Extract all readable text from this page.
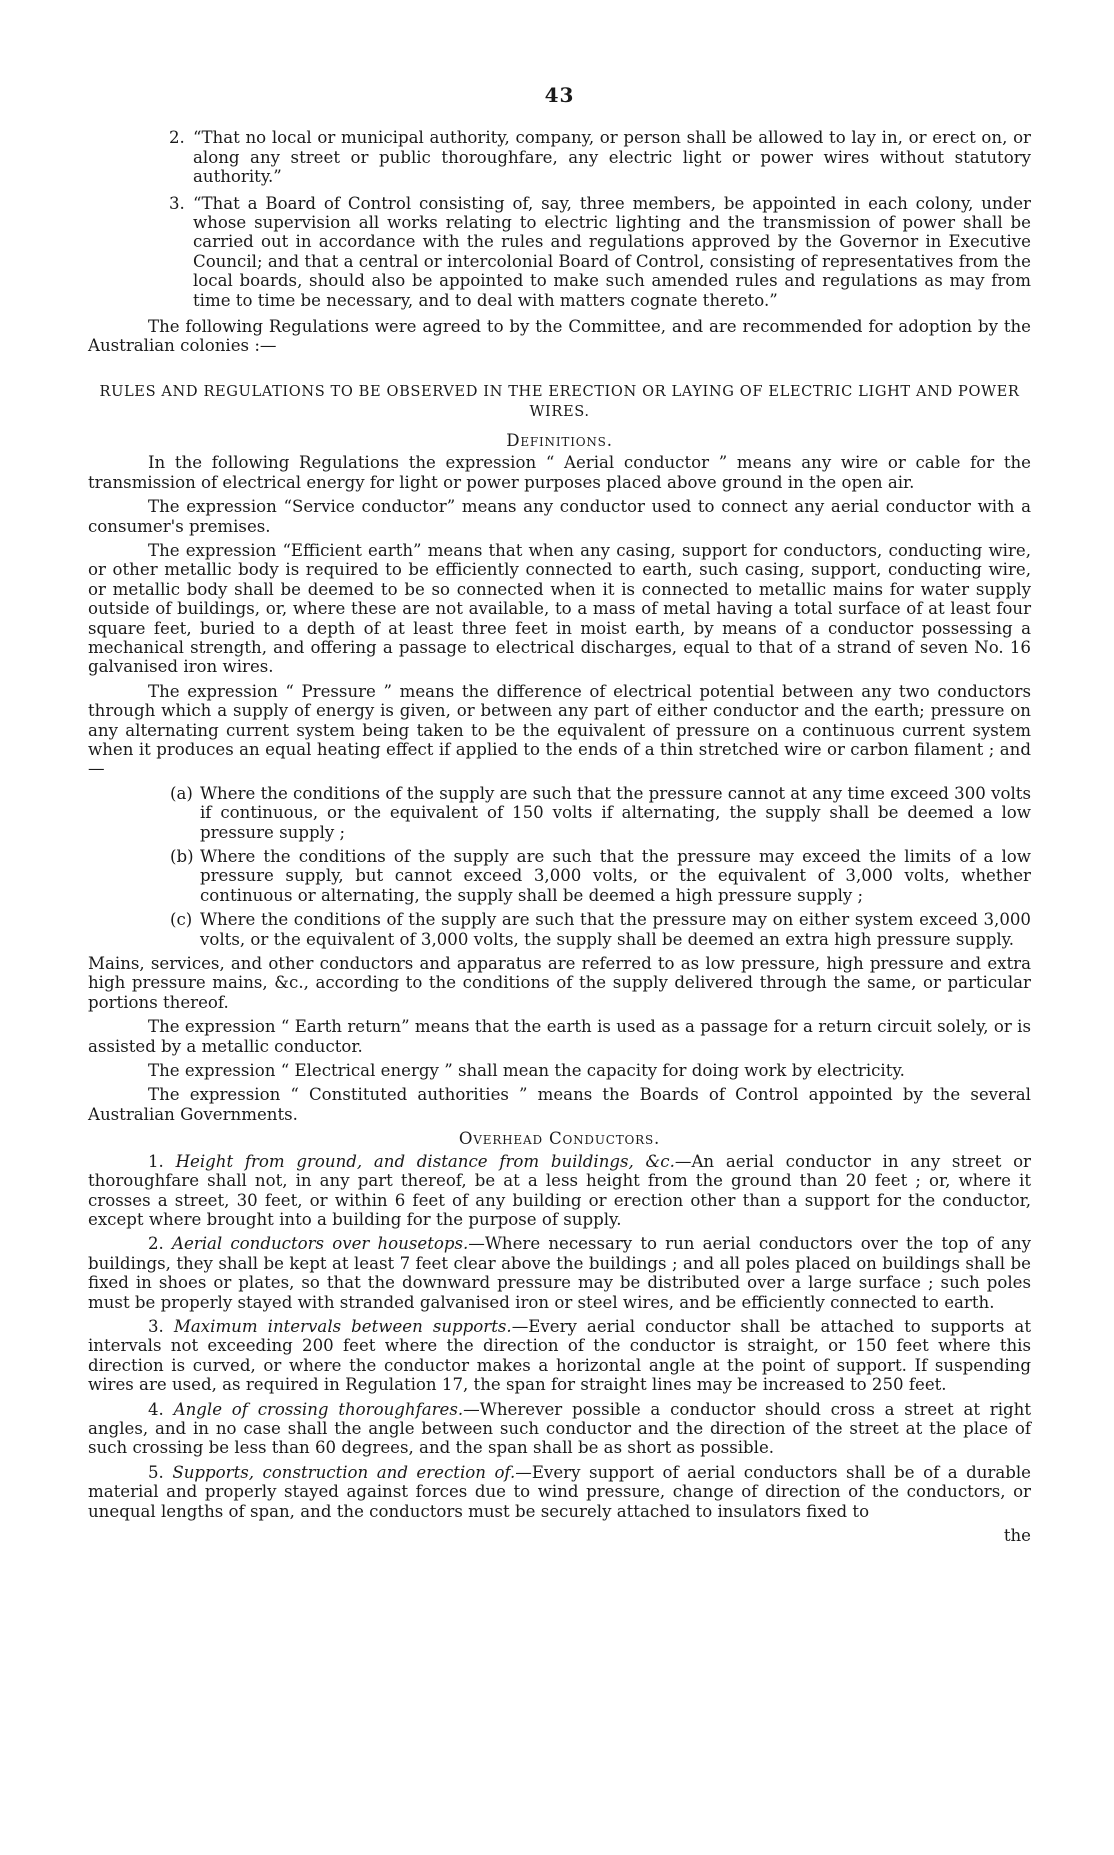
43
2. “That no local or municipal authority, company, or person shall be allowed to lay in, or erect on, or along any street or public thoroughfare, any electric light or power wires without statutory authority.”
3. “That a Board of Control consisting of, say, three members, be appointed in each colony, under whose supervision all works relating to electric lighting and the transmission of power shall be carried out in accordance with the rules and regulations approved by the Governor in Executive Council; and that a central or intercolonial Board of Control, consisting of representatives from the local boards, should also be appointed to make such amended rules and regulations as may from time to time be necessary, and to deal with matters cognate thereto.”

The following Regulations were agreed to by the Committee, and are recommended for adoption by the Australian colonies :—

RULES AND REGULATIONS TO BE OBSERVED IN THE ERECTION OR LAYING OF ELECTRIC LIGHT AND POWER WIRES.
Definitions.

In the following Regulations the expression “ Aerial conductor ” means any wire or cable for the transmission of electrical energy for light or power purposes placed above ground in the open air.

The expression “Service conductor” means any conductor used to connect any aerial conductor with a consumer's premises.

The expression “Efficient earth” means that when any casing, support for conductors, conducting wire, or other metallic body is required to be efficiently connected to earth, such casing, support, conducting wire, or metallic body shall be deemed to be so connected when it is connected to metallic mains for water supply outside of buildings, or, where these are not available, to a mass of metal having a total surface of at least four square feet, buried to a depth of at least three feet in moist earth, by means of a conductor possessing a mechanical strength, and offering a passage to electrical discharges, equal to that of a strand of seven No. 16 galvanised iron wires.

The expression “ Pressure ” means the difference of electrical potential between any two conductors through which a supply of energy is given, or between any part of either conductor and the earth; pressure on any alternating current system being taken to be the equivalent of pressure on a continuous current system when it produces an equal heating effect if applied to the ends of a thin stretched wire or carbon filament ; and—

(a) Where the conditions of the supply are such that the pressure cannot at any time exceed 300 volts if continuous, or the equivalent of 150 volts if alternating, the supply shall be deemed a low pressure supply ;
(b) Where the conditions of the supply are such that the pressure may exceed the limits of a low pressure supply, but cannot exceed 3,000 volts, or the equivalent of 3,000 volts, whether continuous or alternating, the supply shall be deemed a high pressure supply ;
(c) Where the conditions of the supply are such that the pressure may on either system exceed 3,000 volts, or the equivalent of 3,000 volts, the supply shall be deemed an extra high pressure supply.

Mains, services, and other conductors and apparatus are referred to as low pressure, high pressure and extra high pressure mains, &c., according to the conditions of the supply delivered through the same, or particular portions thereof.

The expression “ Earth return” means that the earth is used as a passage for a return circuit solely, or is assisted by a metallic conductor.

The expression “ Electrical energy ” shall mean the capacity for doing work by electricity.

The expression “ Constituted authorities ” means the Boards of Control appointed by the several Australian Governments.

Overhead Conductors.

1. Height from ground, and distance from buildings, &c.—An aerial conductor in any street or thoroughfare shall not, in any part thereof, be at a less height from the ground than 20 feet ; or, where it crosses a street, 30 feet, or within 6 feet of any building or erection other than a support for the conductor, except where brought into a building for the purpose of supply.

2. Aerial conductors over housetops.—Where necessary to run aerial conductors over the top of any buildings, they shall be kept at least 7 feet clear above the buildings ; and all poles placed on buildings shall be fixed in shoes or plates, so that the downward pressure may be distributed over a large surface ; such poles must be properly stayed with stranded galvanised iron or steel wires, and be efficiently connected to earth.

3. Maximum intervals between supports.—Every aerial conductor shall be attached to supports at intervals not exceeding 200 feet where the direction of the conductor is straight, or 150 feet where this direction is curved, or where the conductor makes a horizontal angle at the point of support. If suspending wires are used, as required in Regulation 17, the span for straight lines may be increased to 250 feet.

4. Angle of crossing thoroughfares.—Wherever possible a conductor should cross a street at right angles, and in no case shall the angle between such conductor and the direction of the street at the place of such crossing be less than 60 degrees, and the span shall be as short as possible.

5. Supports, construction and erection of.—Every support of aerial conductors shall be of a durable material and properly stayed against forces due to wind pressure, change of direction of the conductors, or unequal lengths of span, and the conductors must be securely attached to insulators fixed to

the
